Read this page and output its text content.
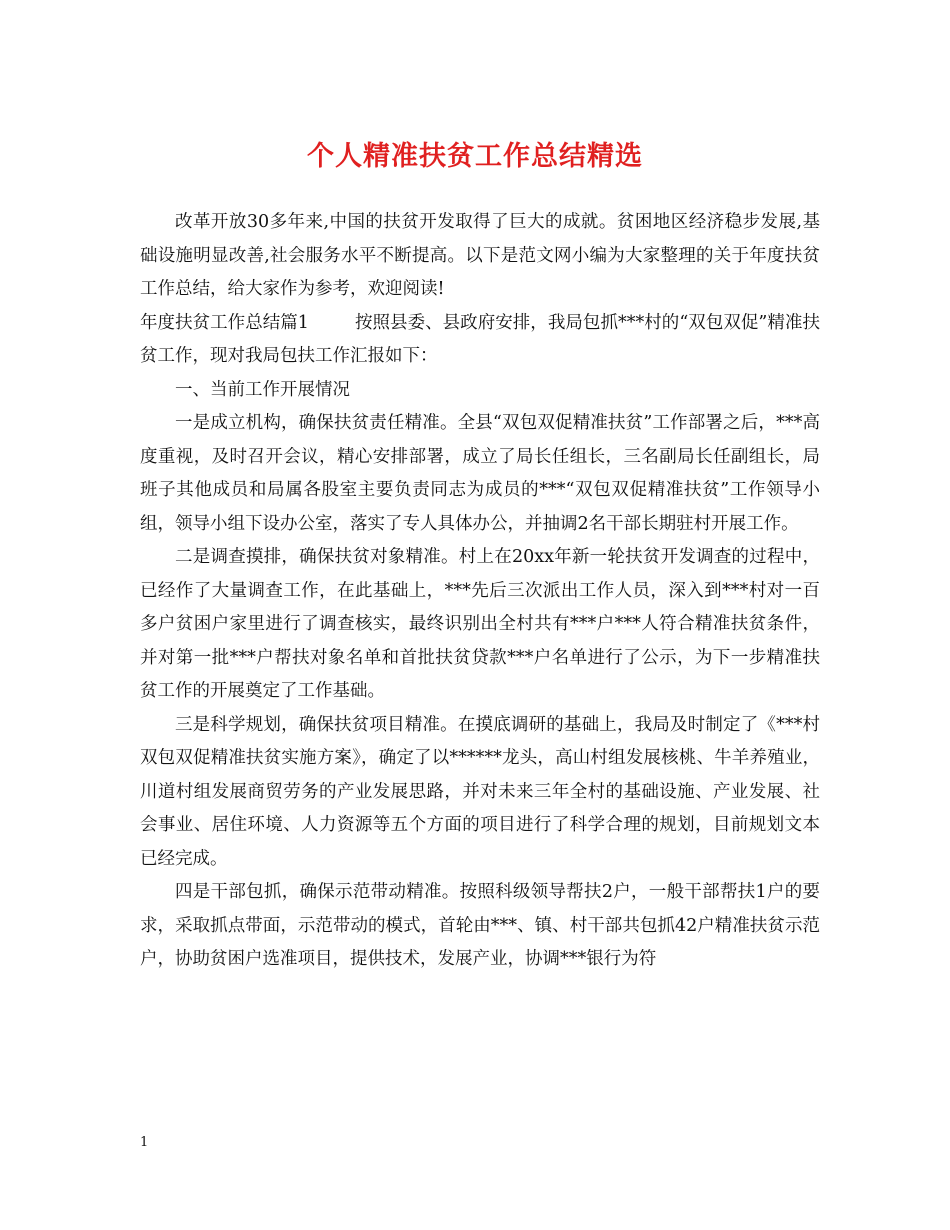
个人精准扶贫工作总结精选

改革开放30多年来,中国的扶贫开发取得了巨大的成就。贫困地区经济稳步发展,基础设施明显改善,社会服务水平不断提高。以下是范文网小编为大家整理的关于年度扶贫工作总结，给大家作为参考，欢迎阅读!

年度扶贫工作总结篇1	按照县委、县政府安排，我局包抓***村的“双包双促”精准扶贫工作，现对我局包扶工作汇报如下：

一、当前工作开展情况

一是成立机构，确保扶贫责任精准。全县“双包双促精准扶贫”工作部署之后，***高度重视，及时召开会议，精心安排部署，成立了局长任组长，三名副局长任副组长，局班子其他成员和局属各股室主要负责同志为成员的***“双包双促精准扶贫”工作领导小组，领导小组下设办公室，落实了专人具体办公，并抽调2名干部长期驻村开展工作。

二是调查摸排，确保扶贫对象精准。村上在20xx年新一轮扶贫开发调查的过程中，已经作了大量调查工作，在此基础上，***先后三次派出工作人员，深入到***村对一百多户贫困户家里进行了调查核实，最终识别出全村共有***户***人符合精准扶贫条件，并对第一批***户帮扶对象名单和首批扶贫贷款***户名单进行了公示，为下一步精准扶贫工作的开展奠定了工作基础。

三是科学规划，确保扶贫项目精准。在摸底调研的基础上，我局及时制定了《***村双包双促精准扶贫实施方案》，确定了以******龙头，高山村组发展核桃、牛羊养殖业，川道村组发展商贸劳务的产业发展思路，并对未来三年全村的基础设施、产业发展、社会事业、居住环境、人力资源等五个方面的项目进行了科学合理的规划，目前规划文本已经完成。

四是干部包抓，确保示范带动精准。按照科级领导帮扶2户，一般干部帮扶1户的要求，采取抓点带面，示范带动的模式，首轮由***、镇、村干部共包抓42户精准扶贫示范户，协助贫困户选准项目，提供技术，发展产业，协调***银行为符

1
